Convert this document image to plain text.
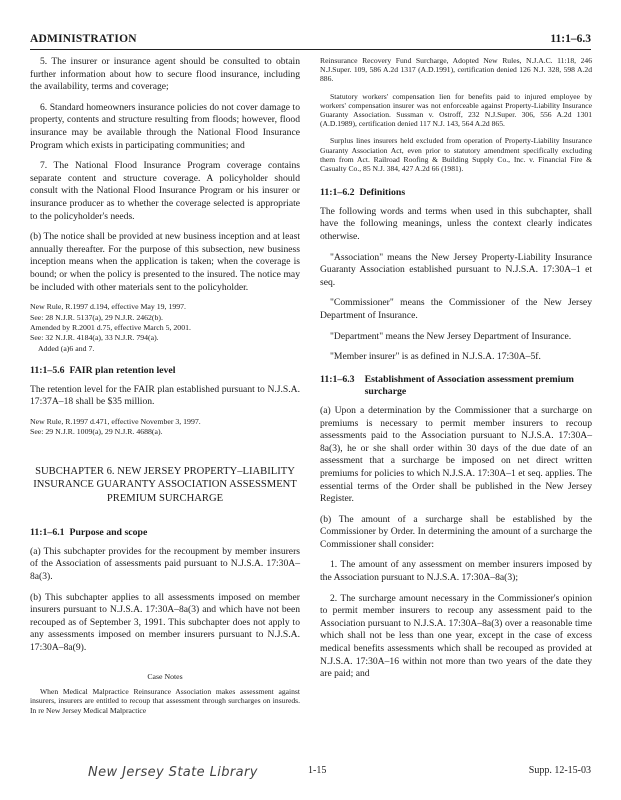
ADMINISTRATION	11:1–6.3

5. The insurer or insurance agent should be consulted to obtain further information about how to secure flood insurance, including the availability, terms and coverage;

6. Standard homeowners insurance policies do not cover damage to property, contents and structure resulting from floods; however, flood insurance may be available through the National Flood Insurance Program which exists in participating communities; and

7. The National Flood Insurance Program coverage contains separate content and structure coverage. A policyholder should consult with the National Flood Insurance Program or his insurer or insurance producer as to whether the coverage selected is appropriate to the policyholder's needs.

(b) The notice shall be provided at new business inception and at least annually thereafter. For the purpose of this subsection, new business inception means when the application is taken; when the coverage is bound; or when the policy is presented to the insured. The notice may be included with other materials sent to the policyholder.

New Rule, R.1997 d.194, effective May 19, 1997.
See: 28 N.J.R. 5137(a), 29 N.J.R. 2462(b).
Amended by R.2001 d.75, effective March 5, 2001.
See: 32 N.J.R. 4184(a), 33 N.J.R. 794(a).
Added (a)6 and 7.
11:1–5.6 FAIR plan retention level

The retention level for the FAIR plan established pursuant to N.J.S.A. 17:37A–18 shall be $35 million.

New Rule, R.1997 d.471, effective November 3, 1997.
See: 29 N.J.R. 1009(a), 29 N.J.R. 4688(a).
SUBCHAPTER 6. NEW JERSEY PROPERTY–LIABILITY INSURANCE GUARANTY ASSOCIATION ASSESSMENT PREMIUM SURCHARGE
11:1–6.1 Purpose and scope

(a) This subchapter provides for the recoupment by member insurers of the Association of assessments paid pursuant to N.J.S.A. 17:30A–8a(3).

(b) This subchapter applies to all assessments imposed on member insurers pursuant to N.J.S.A. 17:30A–8a(3) and which have not been recouped as of September 3, 1991. This subchapter does not apply to any assessments imposed on member insurers pursuant to N.J.S.A. 17:30A–8a(9).

Case Notes

When Medical Malpractice Reinsurance Association makes assessment against insurers, insurers are entitled to recoup that assessment through surcharges on insureds. In re New Jersey Medical Malpractice

Reinsurance Recovery Fund Surcharge, Adopted New Rules, N.J.A.C. 11:18, 246 N.J.Super. 109, 586 A.2d 1317 (A.D.1991), certification denied 126 N.J. 328, 598 A.2d 886.

Statutory workers' compensation lien for benefits paid to injured employee by workers' compensation insurer was not enforceable against Property-Liability Insurance Guaranty Association. Sussman v. Ostroff, 232 N.J.Super. 306, 556 A.2d 1301 (A.D.1989), certification denied 117 N.J. 143, 564 A.2d 865.

Surplus lines insurers held excluded from operation of Property-Liability Insurance Guaranty Association Act, even prior to statutory amendment specifically excluding them from Act. Railroad Roofing & Building Supply Co., Inc. v. Financial Fire & Casualty Co., 85 N.J. 384, 427 A.2d 66 (1981).

11:1–6.2 Definitions

The following words and terms when used in this subchapter, shall have the following meanings, unless the context clearly indicates otherwise.

"Association" means the New Jersey Property-Liability Insurance Guaranty Association established pursuant to N.J.S.A. 17:30A–1 et seq.

"Commissioner" means the Commissioner of the New Jersey Department of Insurance.

"Department" means the New Jersey Department of Insurance.

"Member insurer" is as defined in N.J.S.A. 17:30A–5f.

11:1–6.3 Establishment of Association assessment premium surcharge

(a) Upon a determination by the Commissioner that a surcharge on premiums is necessary to permit member insurers to recoup assessments paid to the Association pursuant to N.J.S.A. 17:30A–8a(3), he or she shall order within 30 days of the due date of an assessment that a surcharge be imposed on net direct written premiums for policies to which N.J.S.A. 17:30A–1 et seq. applies. The essential terms of the Order shall be published in the New Jersey Register.

(b) The amount of a surcharge shall be established by the Commissioner by Order. In determining the amount of a surcharge the Commissioner shall consider:

1. The amount of any assessment on member insurers imposed by the Association pursuant to N.J.S.A. 17:30A–8a(3);

2. The surcharge amount necessary in the Commissioner's opinion to permit member insurers to recoup any assessment paid to the Association pursuant to N.J.S.A. 17:30A–8a(3) over a reasonable time which shall not be less than one year, except in the case of excess medical benefits assessments which shall be recouped as provided at N.J.S.A. 17:30A–16 within not more than two years of the date they are paid; and

New Jersey State Library	1-15	Supp. 12-15-03
